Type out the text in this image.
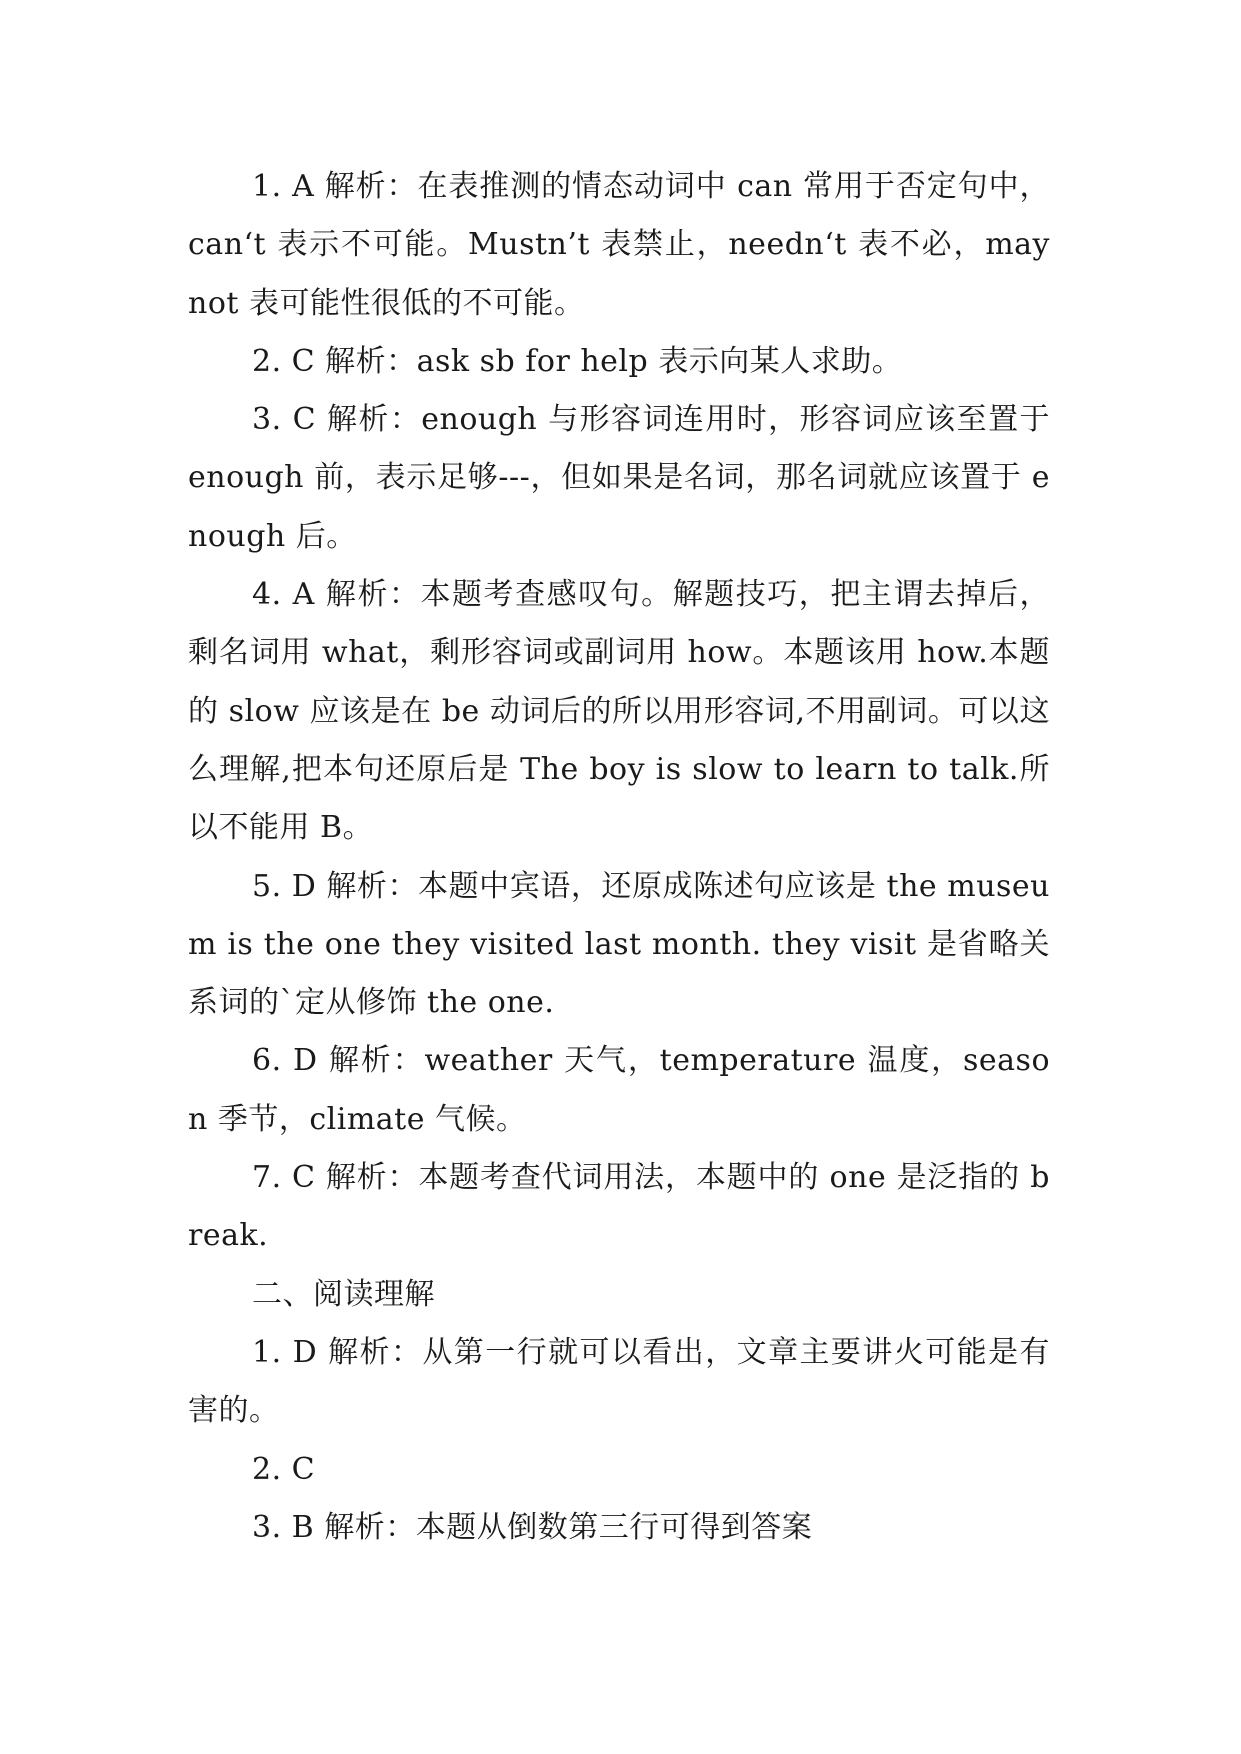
1. A 解析：在表推测的情态动词中 can 常用于否定句中，can‘t 表示不可能。Mustn’t 表禁止，needn‘t 表不必，may not 表可能性很低的不可能。

2. C 解析：ask sb for help 表示向某人求助。

3. C 解析：enough 与形容词连用时，形容词应该至置于 enough 前，表示足够---，但如果是名词，那名词就应该置于 enough 后。

4. A 解析：本题考查感叹句。解题技巧，把主谓去掉后，剩名词用 what，剩形容词或副词用 how。本题该用 how.本题的 slow 应该是在 be 动词后的所以用形容词,不用副词。可以这么理解,把本句还原后是 The boy is slow to learn to talk.所以不能用 B。

5. D 解析：本题中宾语，还原成陈述句应该是 the museum is the one they visited last month. they visit 是省略关系词的`定从修饰 the one.

6. D 解析：weather 天气，temperature 温度，season 季节，climate 气候。

7. C 解析：本题考查代词用法，本题中的 one 是泛指的 break.

二、阅读理解

1. D 解析：从第一行就可以看出，文章主要讲火可能是有害的。

2. C

3. B 解析：本题从倒数第三行可得到答案
